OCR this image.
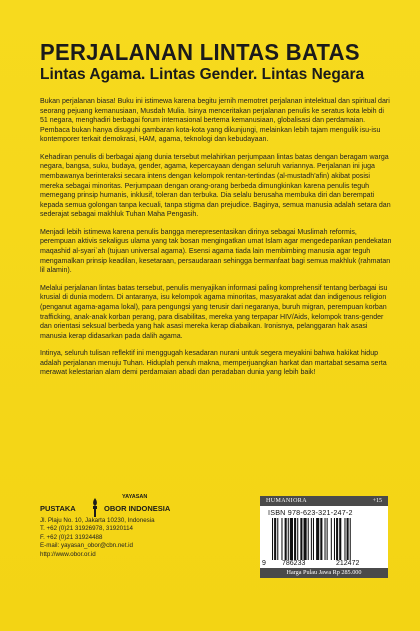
PERJALANAN LINTAS BATAS
Lintas Agama. Lintas Gender. Lintas Negara

Bukan perjalanan biasa! Buku ini istimewa karena begitu jernih memotret perjalanan intelektual dan spiritual dari seorang pejuang kemanusiaan, Musdah Mulia. Isinya menceritakan perjalanan penulis ke seratus kota lebih di 51 negara, menghadiri berbagai forum internasional bertema kemanusiaan, globalisasi dan perdamaian. Pembaca bukan hanya disuguhi gambaran kota-kota yang dikunjungi, melainkan lebih tajam mengulik isu-isu kontemporer terkait demokrasi, HAM, agama, teknologi dan kebudayaan.

Kehadiran penulis di berbagai ajang dunia tersebut melahirkan perjumpaan lintas batas dengan beragam warga negara, bangsa, suku, budaya, gender, agama, kepercayaan dengan seluruh variannya. Perjalanan ini juga membawanya berinteraksi secara intens dengan kelompok rentan-tertindas (al-mustadh'afin) akibat posisi mereka sebagai minoritas. Perjumpaan dengan orang-orang berbeda dimungkinkan karena penulis teguh memegang prinsip humanis, inklusif, toleran dan terbuka. Dia selalu berusaha membuka diri dan berempati kepada semua golongan tanpa kecuali, tanpa stigma dan prejudice. Baginya, semua manusia adalah setara dan sederajat sebagai makhluk Tuhan Maha Pengasih.

Menjadi lebih istimewa karena penulis bangga merepresentasikan dirinya sebagai Muslimah reformis, perempuan aktivis sekaligus ulama yang tak bosan mengingatkan umat Islam agar mengedepankan pendekatan maqashid al-syari`ah (tujuan universal agama). Esensi agama tiada lain membimbing manusia agar teguh mengamalkan prinsip keadilan, kesetaraan, persaudaraan sehingga bermanfaat bagi semua makhluk (rahmatan lil alamin).

Melalui perjalanan lintas batas tersebut, penulis menyajikan informasi paling komprehensif tentang berbagai isu krusial di dunia modern. Di antaranya, isu kelompok agama minoritas, masyarakat adat dan indigenous religion (penganut agama-agama lokal), para pengungsi yang terusir dari negaranya, buruh migran, perempuan korban trafficking, anak-anak korban perang, para disabilitas, mereka yang terpapar HIV/Aids, kelompok trans-gender dan orientasi seksual berbeda yang hak asasi mereka kerap diabaikan. Ironisnya, pelanggaran hak asasi manusia kerap didasarkan pada dalih agama.

Intinya, seluruh tulisan reflektif ini menggugah kesadaran nurani untuk segera meyakini bahwa hakikat hidup adalah perjalanan menuju Tuhan. Hiduplah penuh makna, memperjuangkan harkat dan martabat sesama serta merawat kelestarian alam demi perdamaian abadi dan peradaban dunia yang lebih baik!

YAYASAN
PUSTAKA	OBOR INDONESIA
Jl. Plaju No. 10, Jakarta 10230, Indonesia
T. +62 (0)21 31926978, 31920114
F. +62 (0)21 31924488
E-mail: yayasan_obor@cbn.net.id
http://www.obor.or.id
HUMANIORA	+15
ISBN 978-623-321-247-2
9 786233	212472
Harga Pulau Jawa Rp 285.000
